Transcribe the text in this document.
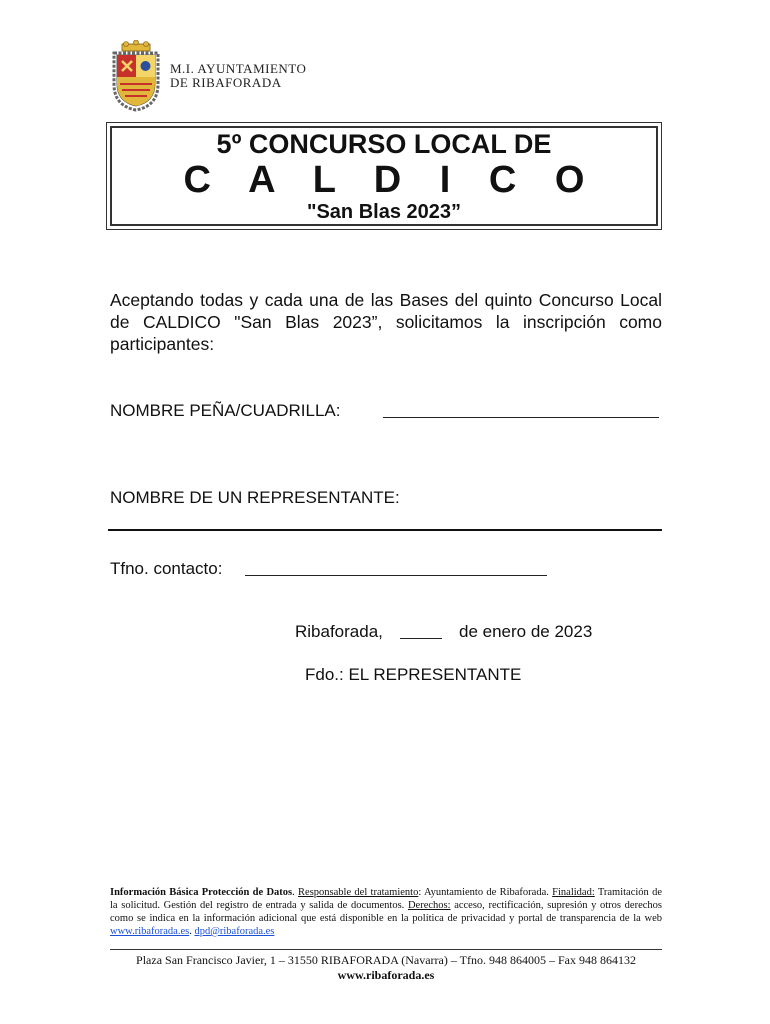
M.I. AYUNTAMIENTO
DE RIBAFORADA
5º CONCURSO LOCAL DE
C A L D I C O
"San Blas 2023”
Aceptando todas y cada una de las Bases del quinto Concurso Local de CALDICO "San Blas 2023”, solicitamos la inscripción como participantes:
NOMBRE PEÑA/CUADRILLA:
NOMBRE DE UN REPRESENTANTE:
Tfno. contacto:
Ribaforada,	de enero de 2023
Fdo.: EL REPRESENTANTE
Información Básica Protección de Datos. Responsable del tratamiento: Ayuntamiento de Ribaforada. Finalidad: Tramitación de la solicitud. Gestión del registro de entrada y salida de documentos. Derechos: acceso, rectificación, supresión y otros derechos como se indica en la información adicional que está disponible en la política de privacidad y portal de transparencia de la web www.ribaforada.es. dpd@ribaforada.es
Plaza San Francisco Javier, 1 – 31550 RIBAFORADA (Navarra) – Tfno. 948 864005 – Fax 948 864132
www.ribaforada.es
